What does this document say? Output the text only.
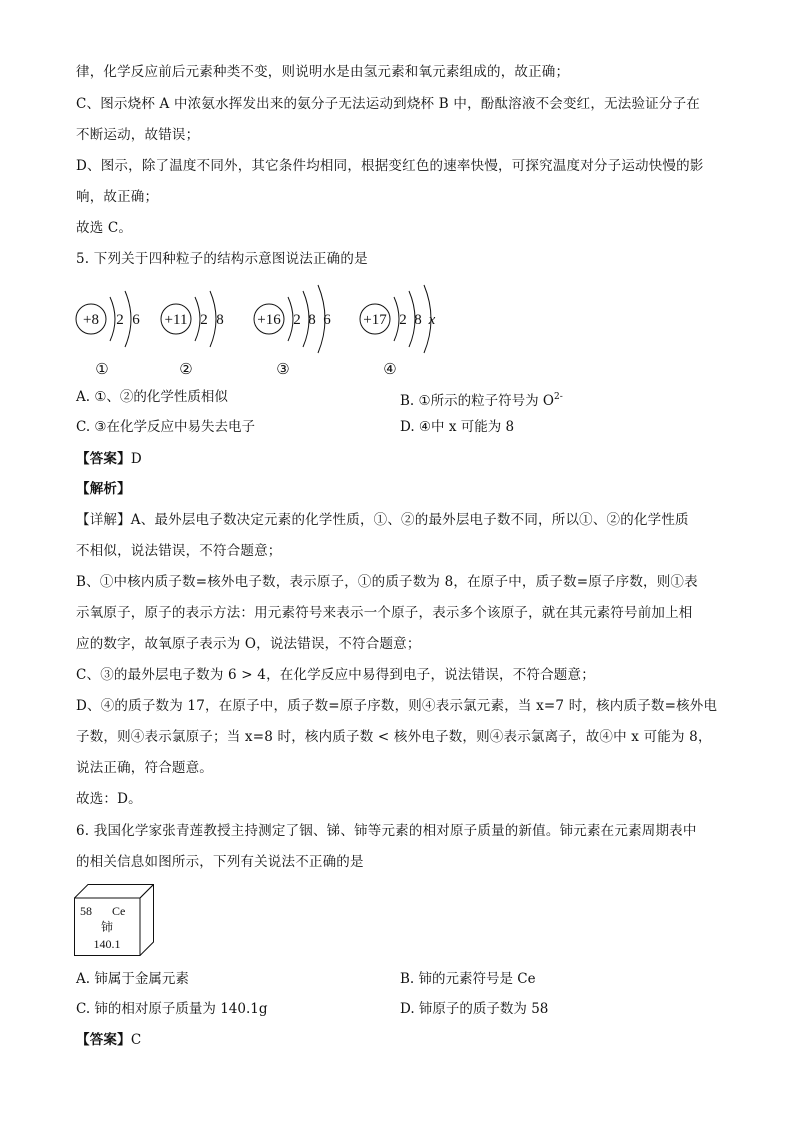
律，化学反应前后元素种类不变，则说明水是由氢元素和氧元素组成的，故正确；
C、图示烧杯 A 中浓氨水挥发出来的氨分子无法运动到烧杯 B 中，酚酞溶液不会变红，无法验证分子在
不断运动，故错误；
D、图示，除了温度不同外，其它条件均相同，根据变红色的速率快慢，可探究温度对分子运动快慢的影
响，故正确；
故选 C。
5. 下列关于四种粒子的结构示意图说法正确的是
+8 2 6
①
+11 2 8
②
+16 2 8 6
③
+17 2 8 x
④
A. ①、②的化学性质相似	B. ①所示的粒子符号为 $O^{2-}$
C. ③在化学反应中易失去电子	D. ④中 x 可能为 8
【答案】D
【解析】
【详解】A、最外层电子数决定元素的化学性质，①、②的最外层电子数不同，所以①、②的化学性质
不相似，说法错误，不符合题意；
B、①中核内质子数=核外电子数，表示原子，①的质子数为 8，在原子中，质子数=原子序数，则①表
示氧原子，原子的表示方法：用元素符号来表示一个原子，表示多个该原子，就在其元素符号前加上相
应的数字，故氧原子表示为 O，说法错误，不符合题意；
C、③的最外层电子数为 6 > 4，在化学反应中易得到电子，说法错误，不符合题意；
D、④的质子数为 17，在原子中，质子数=原子序数，则④表示氯元素，当 x=7 时，核内质子数=核外电
子数，则④表示氯原子；当 x=8 时，核内质子数 < 核外电子数，则④表示氯离子，故④中 x 可能为 8，
说法正确，符合题意。
故选：D。
6. 我国化学家张青莲教授主持测定了铟、锑、铈等元素的相对原子质量的新值。铈元素在元素周期表中
的相关信息如图所示，下列有关说法不正确的是
58 Ce
铈
140.1
A. 铈属于金属元素	B. 铈的元素符号是 Ce
C. 铈的相对原子质量为 140.1g	D. 铈原子的质子数为 58
【答案】C
